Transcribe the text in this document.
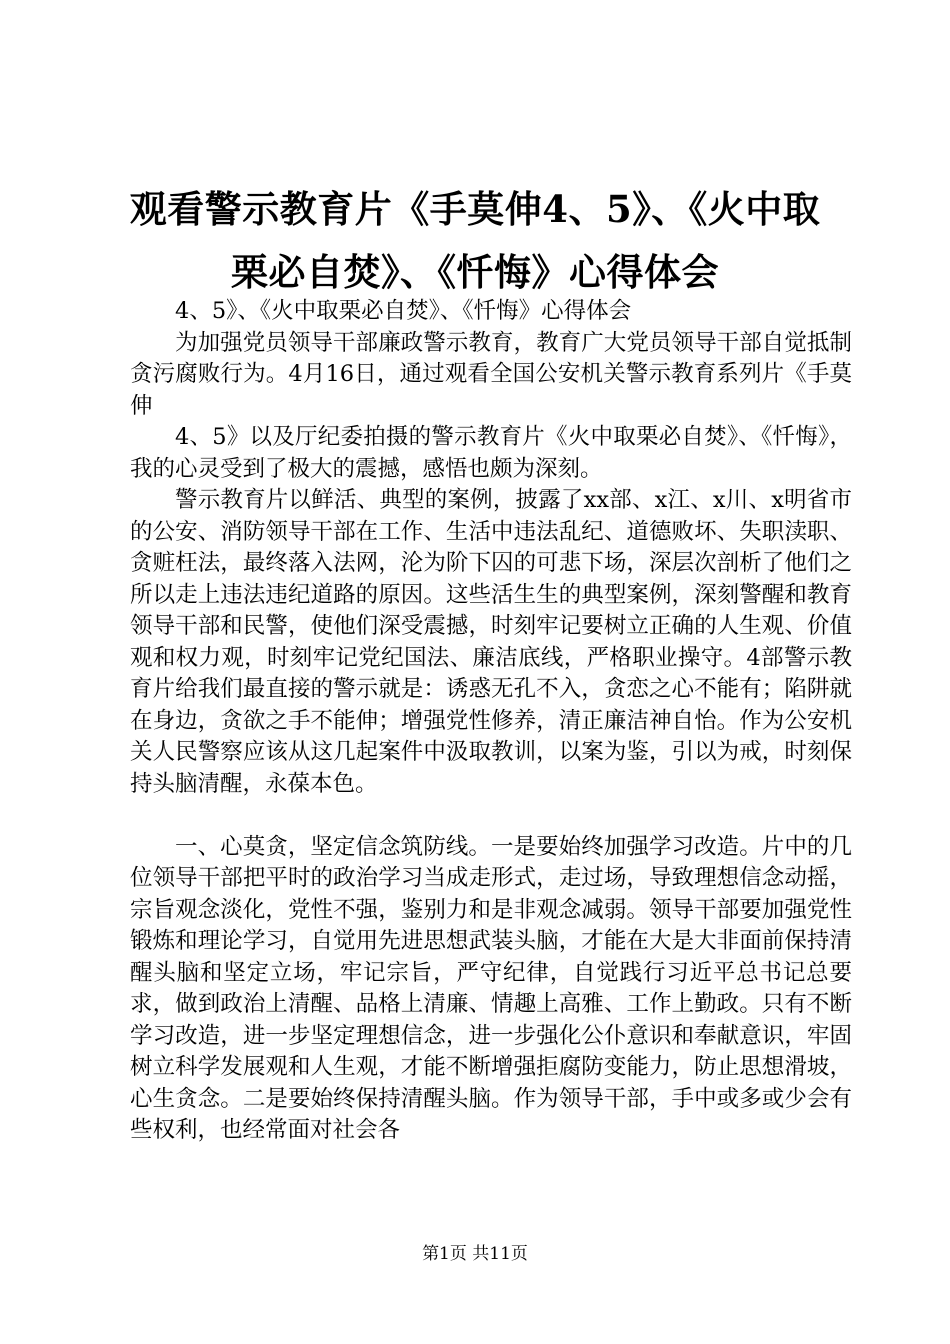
观看警示教育片《手莫伸4、5》、《火中取
栗必自焚》、《忏悔》心得体会

4、5》、《火中取栗必自焚》、《忏悔》心得体会

为加强党员领导干部廉政警示教育，教育广大党员领导干部自觉抵制贪污腐败行为。4月16日，通过观看全国公安机关警示教育系列片《手莫伸

4、5》以及厅纪委拍摄的警示教育片《火中取栗必自焚》、《忏悔》，我的心灵受到了极大的震撼，感悟也颇为深刻。

警示教育片以鲜活、典型的案例，披露了xx部、x江、x川、x明省市的公安、消防领导干部在工作、生活中违法乱纪、道德败坏、失职渎职、贪赃枉法，最终落入法网，沦为阶下囚的可悲下场，深层次剖析了他们之所以走上违法违纪道路的原因。这些活生生的典型案例，深刻警醒和教育领导干部和民警，使他们深受震撼，时刻牢记要树立正确的人生观、价值观和权力观，时刻牢记党纪国法、廉洁底线，严格职业操守。4部警示教育片给我们最直接的警示就是：诱惑无孔不入，贪恋之心不能有；陷阱就在身边，贪欲之手不能伸；增强党性修养，清正廉洁神自怡。作为公安机关人民警察应该从这几起案件中汲取教训，以案为鉴，引以为戒，时刻保持头脑清醒，永葆本色。

一、心莫贪，坚定信念筑防线。一是要始终加强学习改造。片中的几位领导干部把平时的政治学习当成走形式，走过场，导致理想信念动摇，宗旨观念淡化，党性不强，鉴别力和是非观念减弱。领导干部要加强党性锻炼和理论学习，自觉用先进思想武装头脑，才能在大是大非面前保持清醒头脑和坚定立场，牢记宗旨，严守纪律，自觉践行习近平总书记总要求，做到政治上清醒、品格上清廉、情趣上高雅、工作上勤政。只有不断学习改造，进一步坚定理想信念，进一步强化公仆意识和奉献意识，牢固树立科学发展观和人生观，才能不断增强拒腐防变能力，防止思想滑坡，心生贪念。二是要始终保持清醒头脑。作为领导干部，手中或多或少会有些权利，也经常面对社会各

第1页 共11页
